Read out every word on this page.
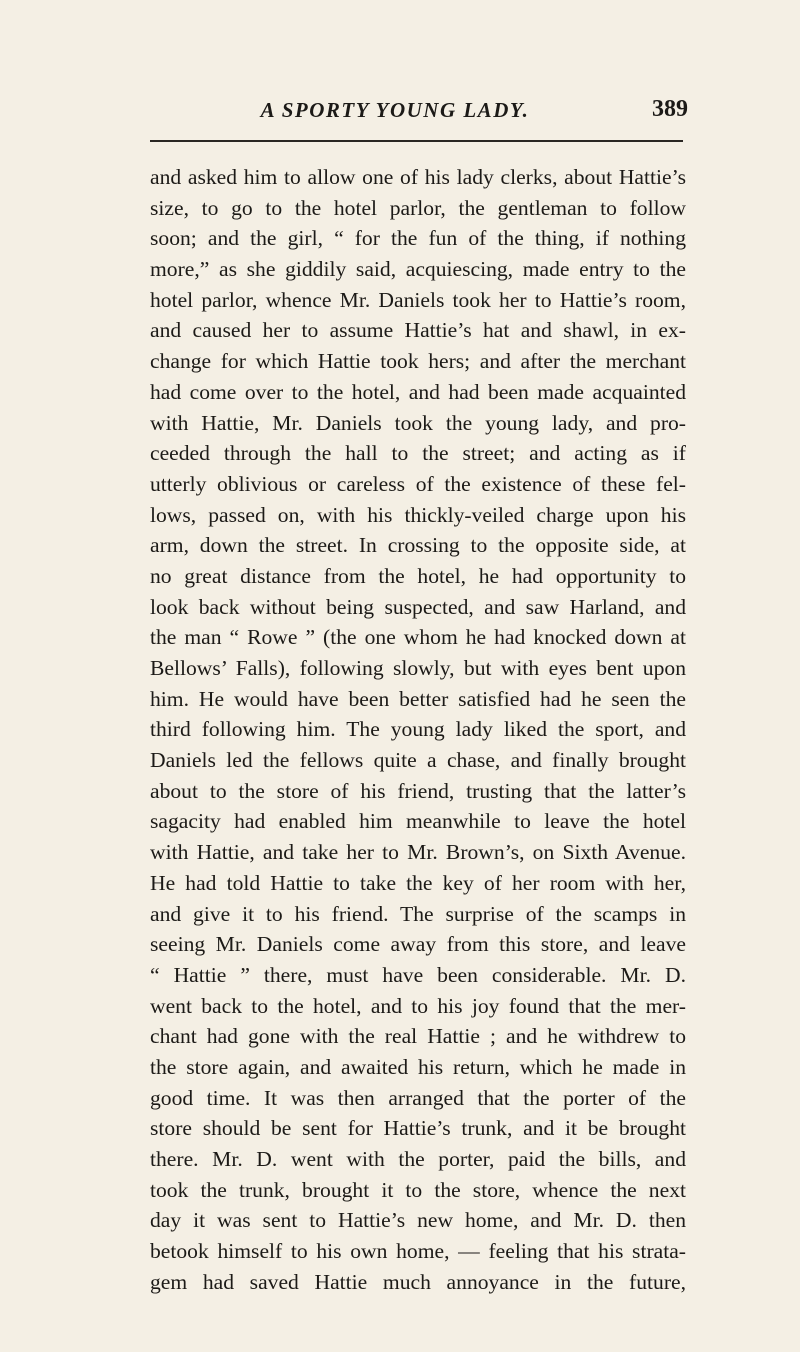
A SPORTY YOUNG LADY.	389
and asked him to allow one of his lady clerks, about Hattie’s
size, to go to the hotel parlor, the gentleman to follow
soon; and the girl, “ for the fun of the thing, if nothing
more,” as she giddily said, acquiescing, made entry to the
hotel parlor, whence Mr. Daniels took her to Hattie’s room,
and caused her to assume Hattie’s hat and shawl, in ex-
change for which Hattie took hers; and after the merchant
had come over to the hotel, and had been made acquainted
with Hattie, Mr. Daniels took the young lady, and pro-
ceeded through the hall to the street; and acting as if
utterly oblivious or careless of the existence of these fel-
lows, passed on, with his thickly-veiled charge upon his
arm, down the street. In crossing to the opposite side, at
no great distance from the hotel, he had opportunity to
look back without being suspected, and saw Harland, and
the man “ Rowe ” (the one whom he had knocked down at
Bellows’ Falls), following slowly, but with eyes bent upon
him. He would have been better satisfied had he seen the
third following him. The young lady liked the sport, and
Daniels led the fellows quite a chase, and finally brought
about to the store of his friend, trusting that the latter’s
sagacity had enabled him meanwhile to leave the hotel
with Hattie, and take her to Mr. Brown’s, on Sixth Avenue.
He had told Hattie to take the key of her room with her,
and give it to his friend. The surprise of the scamps in
seeing Mr. Daniels come away from this store, and leave
“ Hattie ” there, must have been considerable. Mr. D.
went back to the hotel, and to his joy found that the mer-
chant had gone with the real Hattie ; and he withdrew to
the store again, and awaited his return, which he made in
good time. It was then arranged that the porter of the
store should be sent for Hattie’s trunk, and it be brought
there. Mr. D. went with the porter, paid the bills, and
took the trunk, brought it to the store, whence the next
day it was sent to Hattie’s new home, and Mr. D. then
betook himself to his own home, — feeling that his strata-
gem had saved Hattie much annoyance in the future,
